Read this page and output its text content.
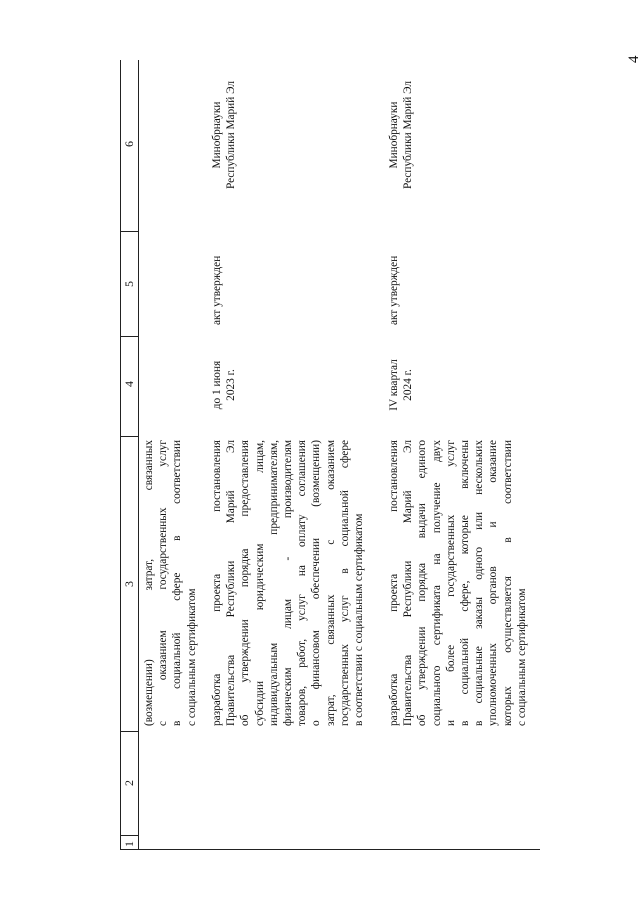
4
1
2
3
4
5
6

(возмещении) затрат, связанных с оказанием государственных услуг в социальной сфере в соответствии с социальным сертификатом разработка проекта постановления Правительства Республики Марий Эл об утверждении порядка предоставления субсидии юридическим лицам, индивидуальным предпринимателям, физическим лицам - производителям товаров, работ, услуг на оплату соглашения о финансовом обеспечении (возмещении) затрат, связанных с оказанием государственных услуг в социальной сфере в соответствии с социальным сертификатом

до 1 июня 2023 г.

акт утвержден

Минобрнауки Республики Марий Эл

разработка проекта постановления Правительства Республики Марий Эл об утверждении порядка выдачи единого социального сертификата на получение двух и более государственных услуг в социальной сфере, которые включены в социальные заказы одного или нескольких уполномоченных органов и оказание которых осуществляется в соответствии с социальным сертификатом

IV квартал 2024 г.

акт утвержден

Минобрнауки Республики Марий Эл
